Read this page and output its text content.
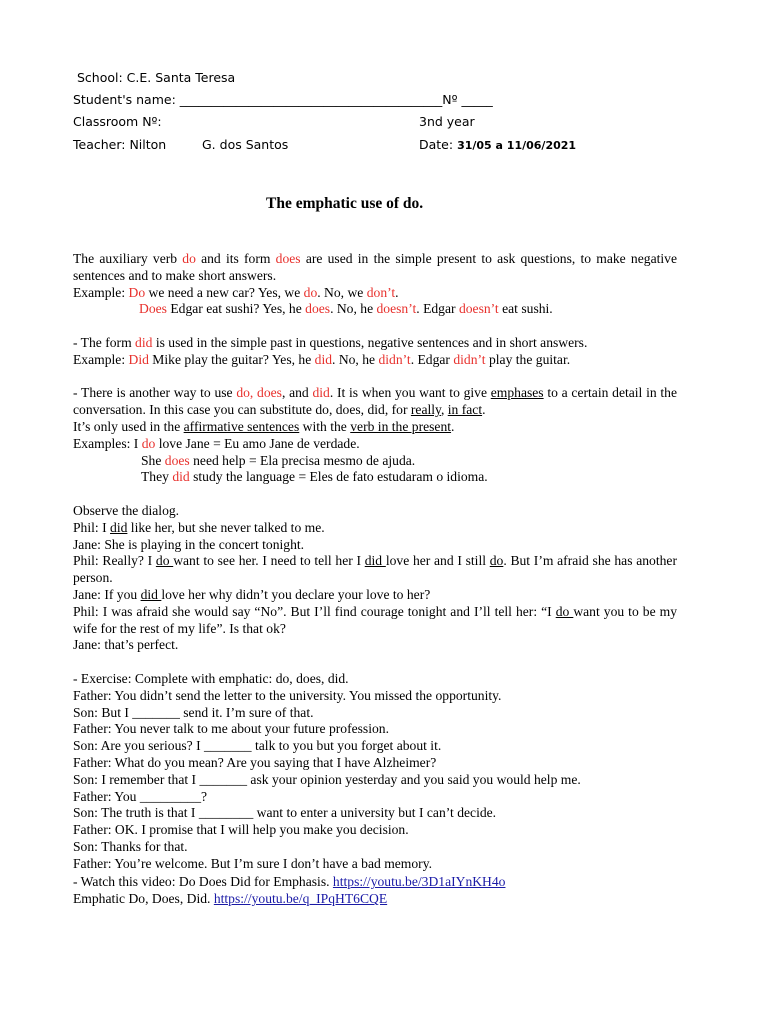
School: C.E. Santa Teresa
Student's name: __________________________________________Nº _____
Classroom Nº:	3nd year
Teacher: Nilton	G. dos Santos	Date: 31/05 a 11/06/2021
The emphatic use of do.

The auxiliary verb do and its form does are used in the simple present to ask questions, to make negative sentences and to make short answers.

Example: Do we need a new car? Yes, we do. No, we don’t.

Does Edgar eat sushi? Yes, he does. No, he doesn’t. Edgar doesn’t eat sushi.

- The form did is used in the simple past in questions, negative sentences and in short answers.

Example: Did Mike play the guitar? Yes, he did. No, he didn’t. Edgar didn’t play the guitar.

- There is another way to use do, does, and did. It is when you want to give emphases to a certain detail in the conversation. In this case you can substitute do, does, did, for really, in fact.

It’s only used in the affirmative sentences with the verb in the present.

Examples: I do love Jane = Eu amo Jane de verdade.

She does need help = Ela precisa mesmo de ajuda.

They did study the language = Eles de fato estudaram o idioma.

Observe the dialog.

Phil: I did like her, but she never talked to me.

Jane: She is playing in the concert tonight.

Phil: Really? I do want to see her. I need to tell her I did love her and I still do. But I’m afraid she has another person.

Jane: If you did love her why didn’t you declare your love to her?

Phil: I was afraid she would say “No”. But I’ll find courage tonight and I’ll tell her: “I do want you to be my wife for the rest of my life”. Is that ok?

Jane: that’s perfect.

- Exercise: Complete with emphatic: do, does, did.

Father: You didn’t send the letter to the university. You missed the opportunity.

Son: But I _______ send it. I’m sure of that.

Father: You never talk to me about your future profession.

Son: Are you serious? I _______ talk to you but you forget about it.

Father: What do you mean? Are you saying that I have Alzheimer?

Son: I remember that I _______ ask your opinion yesterday and you said you would help me.

Father: You _________?

Son: The truth is that I ________ want to enter a university but I can’t decide.

Father: OK. I promise that I will help you make you decision.

Son: Thanks for that.

Father: You’re welcome. But I’m sure I don’t have a bad memory.

- Watch this video: Do Does Did for Emphasis. https://youtu.be/3D1aIYnKH4o

Emphatic Do, Does, Did. https://youtu.be/q_IPqHT6CQE
